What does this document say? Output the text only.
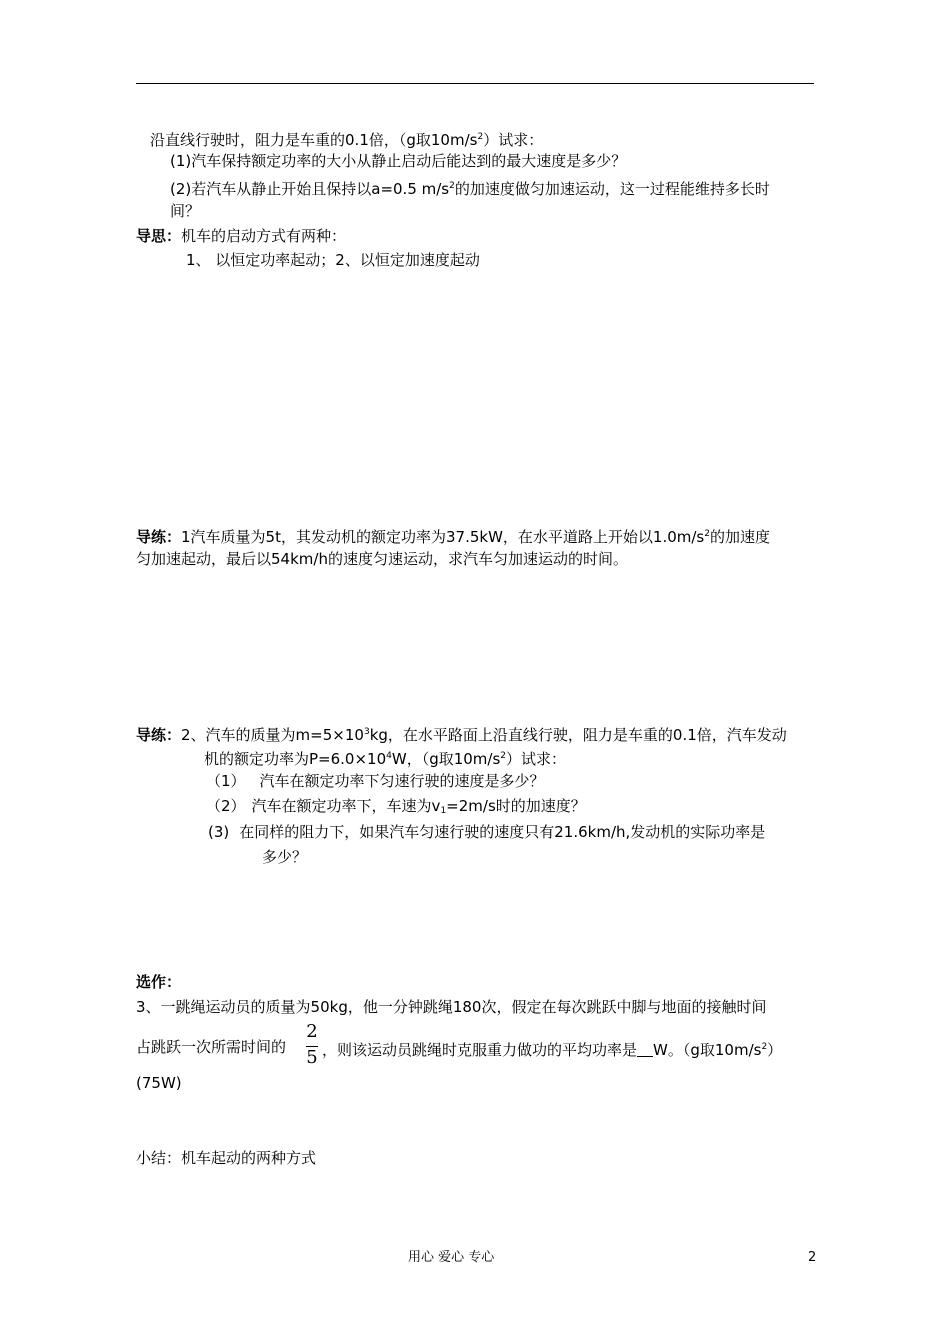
沿直线行驶时，阻力是车重的0.1倍，（g取$10m/s^2$）试求：
(1)汽车保持额定功率的大小从静止启动后能达到的最大速度是多少？
(2)若汽车从静止开始且保持以a=0.5 $m/s^2$的加速度做匀加速运动，这一过程能维持多长时
间？
导思：机车的启动方式有两种：
1、 以恒定功率起动；2、以恒定加速度起动
导练：1汽车质量为5t，其发动机的额定功率为37.5kW，在水平道路上开始以$1.0m/s^2$的加速度
匀加速起动，最后以54km/h的速度匀速运动，求汽车匀加速运动的时间。
导练：2、汽车的质量为$m=5\times 10^3kg$，在水平路面上沿直线行驶，阻力是车重的0.1倍，汽车发动
机的额定功率为$P=6.0\times 10^4W$，（g取$10m/s^2$）试求：
（1） 汽车在额定功率下匀速行驶的速度是多少？
（2） 汽车在额定功率下，车速为$v_1=2m/s$时的加速度？
(3) 在同样的阻力下，如果汽车匀速行驶的速度只有21.6km/h,发动机的实际功率是
多少？
选作：
3、一跳绳运动员的质量为50kg，他一分钟跳绳180次，假定在每次跳跃中脚与地面的接触时间
占跳跃一次所需时间的
2
5 ，则该运动员跳绳时克服重力做功的平均功率是 W。（g取$10m/s^2$）
(75W)
小结：机车起动的两种方式
用心 爱心 专心	2
